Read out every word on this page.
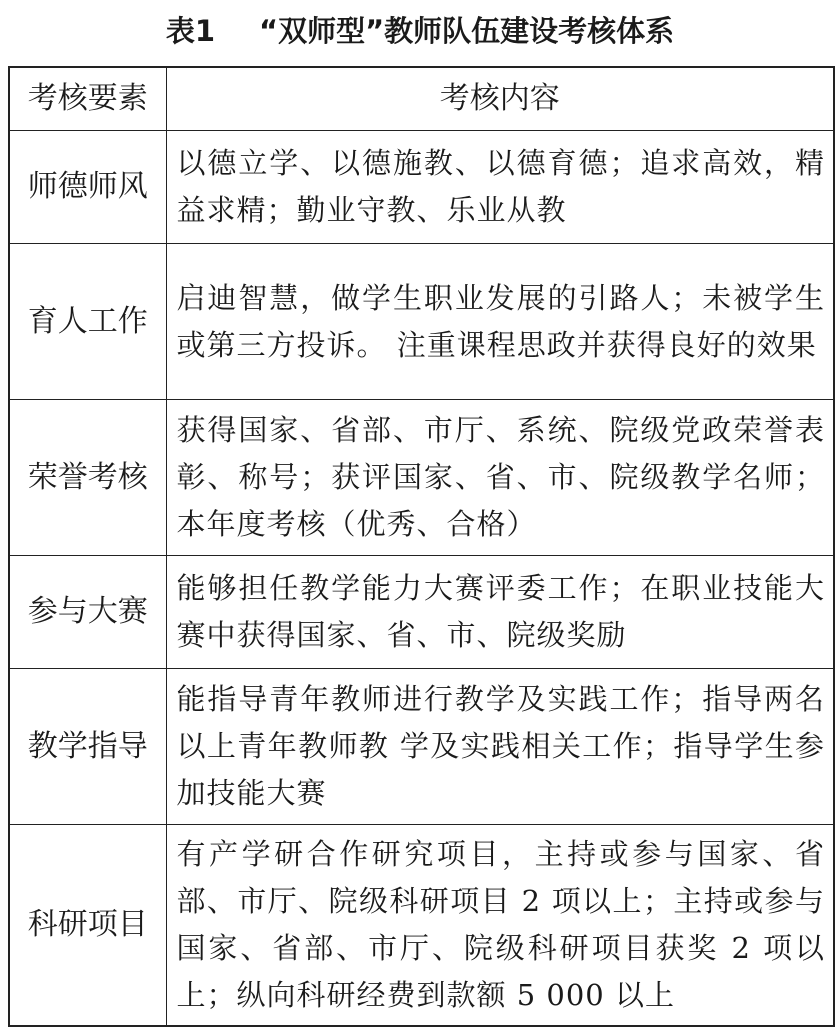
表1 “双师型”教师队伍建设考核体系
考核要素	考核内容
师德师风	以德立学、以德施教、以德育德；追求高效，精益求精；勤业守教、乐业从教
育人工作	启迪智慧，做学生职业发展的引路人；未被学生或第三方投诉。 注重课程思政并获得良好的效果
荣誉考核	获得国家、省部、市厅、系统、院级党政荣誉表彰、称号；获评国家、省、市、院级教学名师；本年度考核（优秀、合格）
参与大赛	能够担任教学能力大赛评委工作；在职业技能大赛中获得国家、省、市、院级奖励
教学指导	能指导青年教师进行教学及实践工作；指导两名以上青年教师教 学及实践相关工作；指导学生参加技能大赛
科研项目	有产学研合作研究项目，主持或参与国家、省部、市厅、院级科研项目 2 项以上；主持或参与国家、省部、市厅、院级科研项目获奖 2 项以上；纵向科研经费到款额 5 000 以上
